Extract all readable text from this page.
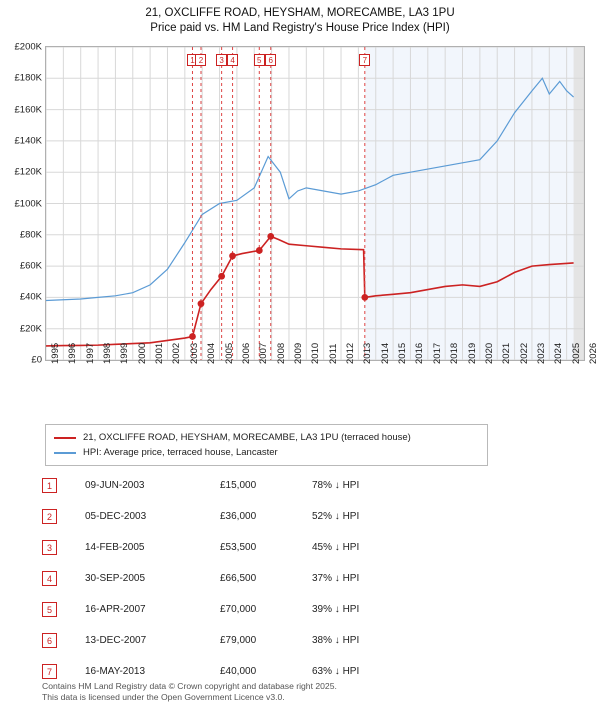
21, OXCLIFFE ROAD, HEYSHAM, MORECAMBE, LA3 1PU
Price paid vs. HM Land Registry's House Price Index (HPI)
£0
£20K
£40K
£60K
£80K
£100K
£120K
£140K
£160K
£180K
£200K
1995 1996 1997 1998 1999 2000 2001 2002 2003 2004 2005 2006 2007 2008 2009 2010 2011 2012 2013 2014 2015 2016 2017 2018 2019 2020 2021 2022 2023 2024 2025 2026
1 2	3 4	5 6	7
21, OXCLIFFE ROAD, HEYSHAM, MORECAMBE, LA3 1PU (terraced house)
HPI: Average price, terraced house, Lancaster
1	09-JUN-2003	£15,000	78% ↓ HPI
2	05-DEC-2003	£36,000	52% ↓ HPI
3	14-FEB-2005	£53,500	45% ↓ HPI
4	30-SEP-2005	£66,500	37% ↓ HPI
5	16-APR-2007	£70,000	39% ↓ HPI
6	13-DEC-2007	£79,000	38% ↓ HPI
7	16-MAY-2013	£40,000	63% ↓ HPI
Contains HM Land Registry data © Crown copyright and database right 2025.
This data is licensed under the Open Government Licence v3.0.
